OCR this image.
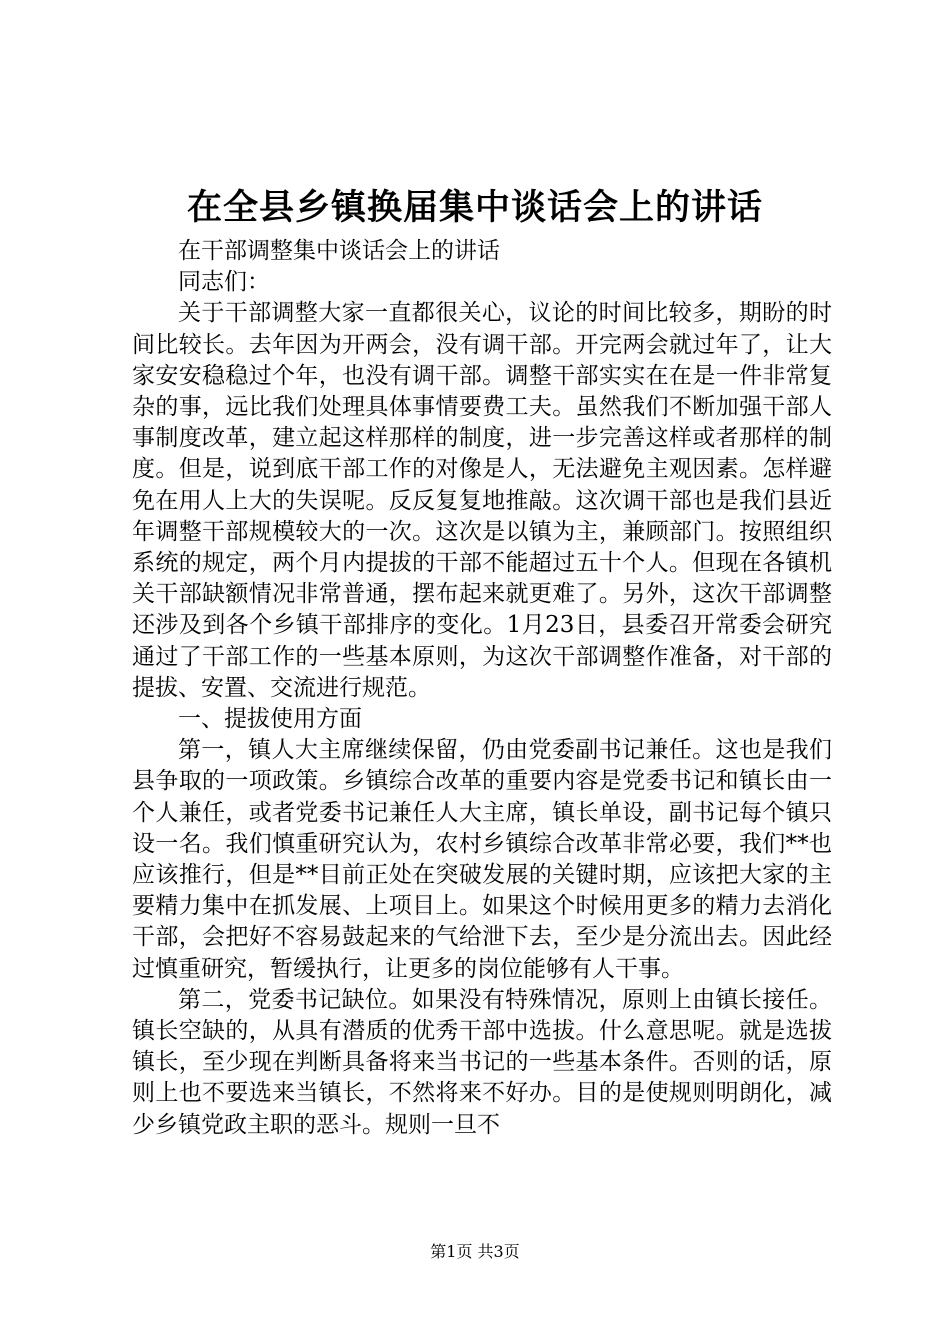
在全县乡镇换届集中谈话会上的讲话

在干部调整集中谈话会上的讲话

同志们：

关于干部调整大家一直都很关心，议论的时间比较多，期盼的时间比较长。去年因为开两会，没有调干部。开完两会就过年了，让大家安安稳稳过个年，也没有调干部。调整干部实实在在是一件非常复杂的事，远比我们处理具体事情要费工夫。虽然我们不断加强干部人事制度改革，建立起这样那样的制度，进一步完善这样或者那样的制度。但是，说到底干部工作的对像是人，无法避免主观因素。怎样避免在用人上大的失误呢。反反复复地推敲。这次调干部也是我们县近年调整干部规模较大的一次。这次是以镇为主，兼顾部门。按照组织系统的规定，两个月内提拔的干部不能超过五十个人。但现在各镇机关干部缺额情况非常普通，摆布起来就更难了。另外，这次干部调整还涉及到各个乡镇干部排序的变化。1月23日，县委召开常委会研究通过了干部工作的一些基本原则，为这次干部调整作准备，对干部的提拔、安置、交流进行规范。

一、提拔使用方面

第一，镇人大主席继续保留，仍由党委副书记兼任。这也是我们县争取的一项政策。乡镇综合改革的重要内容是党委书记和镇长由一个人兼任，或者党委书记兼任人大主席，镇长单设，副书记每个镇只设一名。我们慎重研究认为，农村乡镇综合改革非常必要，我们**也应该推行，但是**目前正处在突破发展的关键时期，应该把大家的主要精力集中在抓发展、上项目上。如果这个时候用更多的精力去消化干部，会把好不容易鼓起来的气给泄下去，至少是分流出去。因此经过慎重研究，暂缓执行，让更多的岗位能够有人干事。

第二，党委书记缺位。如果没有特殊情况，原则上由镇长接任。镇长空缺的，从具有潜质的优秀干部中选拔。什么意思呢。就是选拔镇长，至少现在判断具备将来当书记的一些基本条件。否则的话，原则上也不要选来当镇长，不然将来不好办。目的是使规则明朗化，减少乡镇党政主职的恶斗。规则一旦不

第1页 共3页
